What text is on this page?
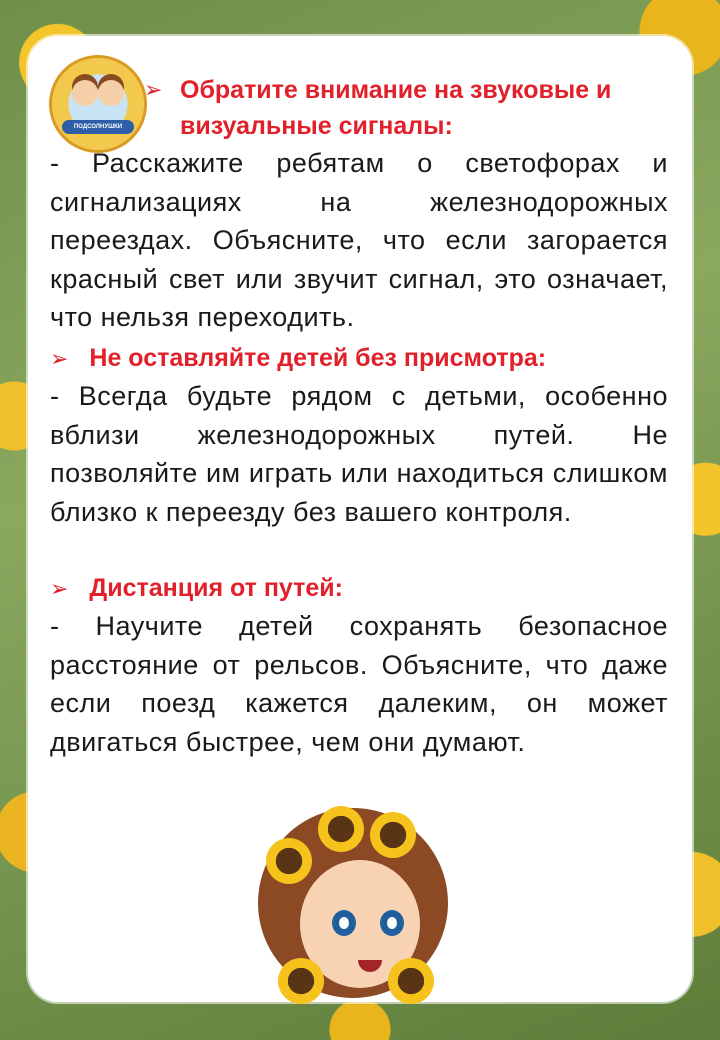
ПОДСОЛНУШКИ
➢ Обратите внимание на звуковые и визуальные сигналы:
- Расскажите ребятам о светофорах и сигнализациях на железнодорожных переездах. Объясните, что если загорается красный свет или звучит сигнал, это означает, что нельзя переходить.
➢ Не оставляйте детей без присмотра:
- Всегда будьте рядом с детьми, особенно вблизи железнодорожных путей. Не позволяйте им играть или находиться слишком близко к переезду без вашего контроля.
➢ Дистанция от путей:
- Научите детей сохранять безопасное расстояние от рельсов. Объясните, что даже если поезд кажется далеким, он может двигаться быстрее, чем они думают.
